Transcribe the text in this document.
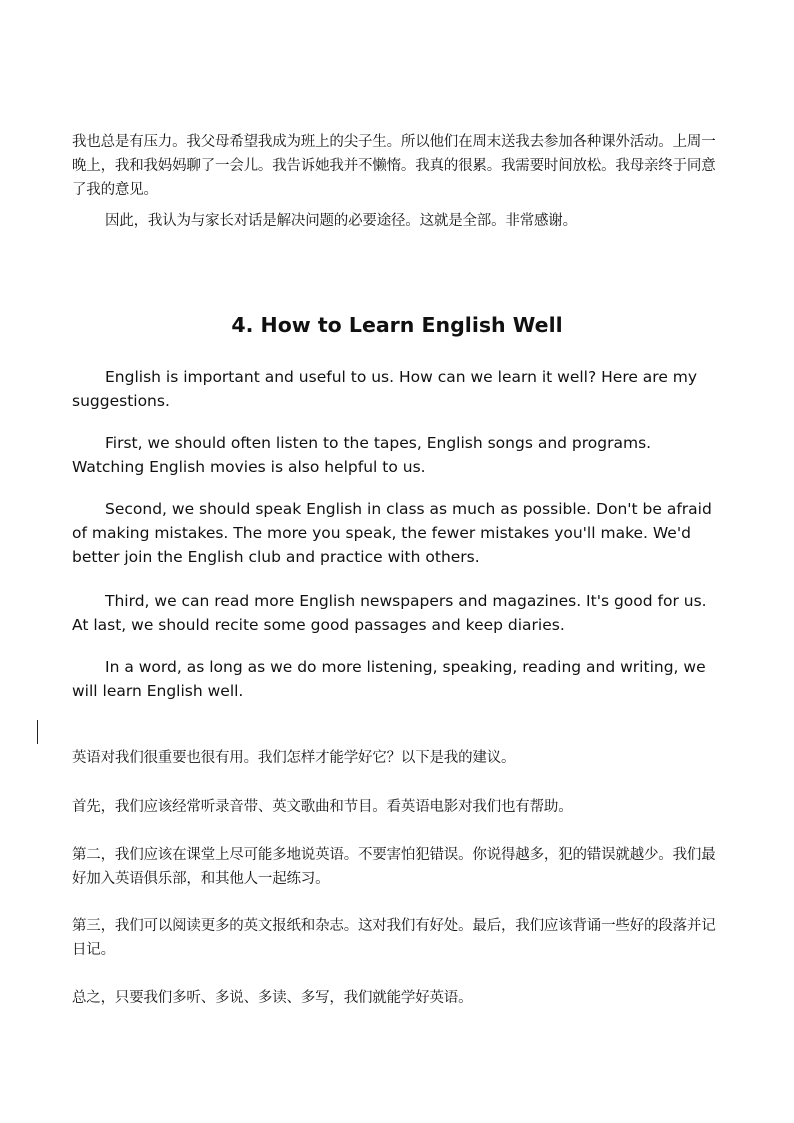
我也总是有压力。我父母希望我成为班上的尖子生。所以他们在周末送我去参加各种课外活动。上周一晚上，我和我妈妈聊了一会儿。我告诉她我并不懒惰。我真的很累。我需要时间放松。我母亲终于同意了我的意见。

因此，我认为与家长对话是解决问题的必要途径。这就是全部。非常感谢。

4. How to Learn English Well

English is important and useful to us. How can we learn it well? Here are my suggestions.

First, we should often listen to the tapes, English songs and programs. Watching English movies is also helpful to us.

Second, we should speak English in class as much as possible. Don't be afraid of making mistakes. The more you speak, the fewer mistakes you'll make. We'd better join the English club and practice with others.

Third, we can read more English newspapers and magazines. It's good for us. At last, we should recite some good passages and keep diaries.

In a word, as long as we do more listening, speaking, reading and writing, we will learn English well.

英语对我们很重要也很有用。我们怎样才能学好它？以下是我的建议。

首先，我们应该经常听录音带、英文歌曲和节目。看英语电影对我们也有帮助。

第二，我们应该在课堂上尽可能多地说英语。不要害怕犯错误。你说得越多，犯的错误就越少。我们最好加入英语俱乐部，和其他人一起练习。

第三，我们可以阅读更多的英文报纸和杂志。这对我们有好处。最后，我们应该背诵一些好的段落并记日记。

总之，只要我们多听、多说、多读、多写，我们就能学好英语。
